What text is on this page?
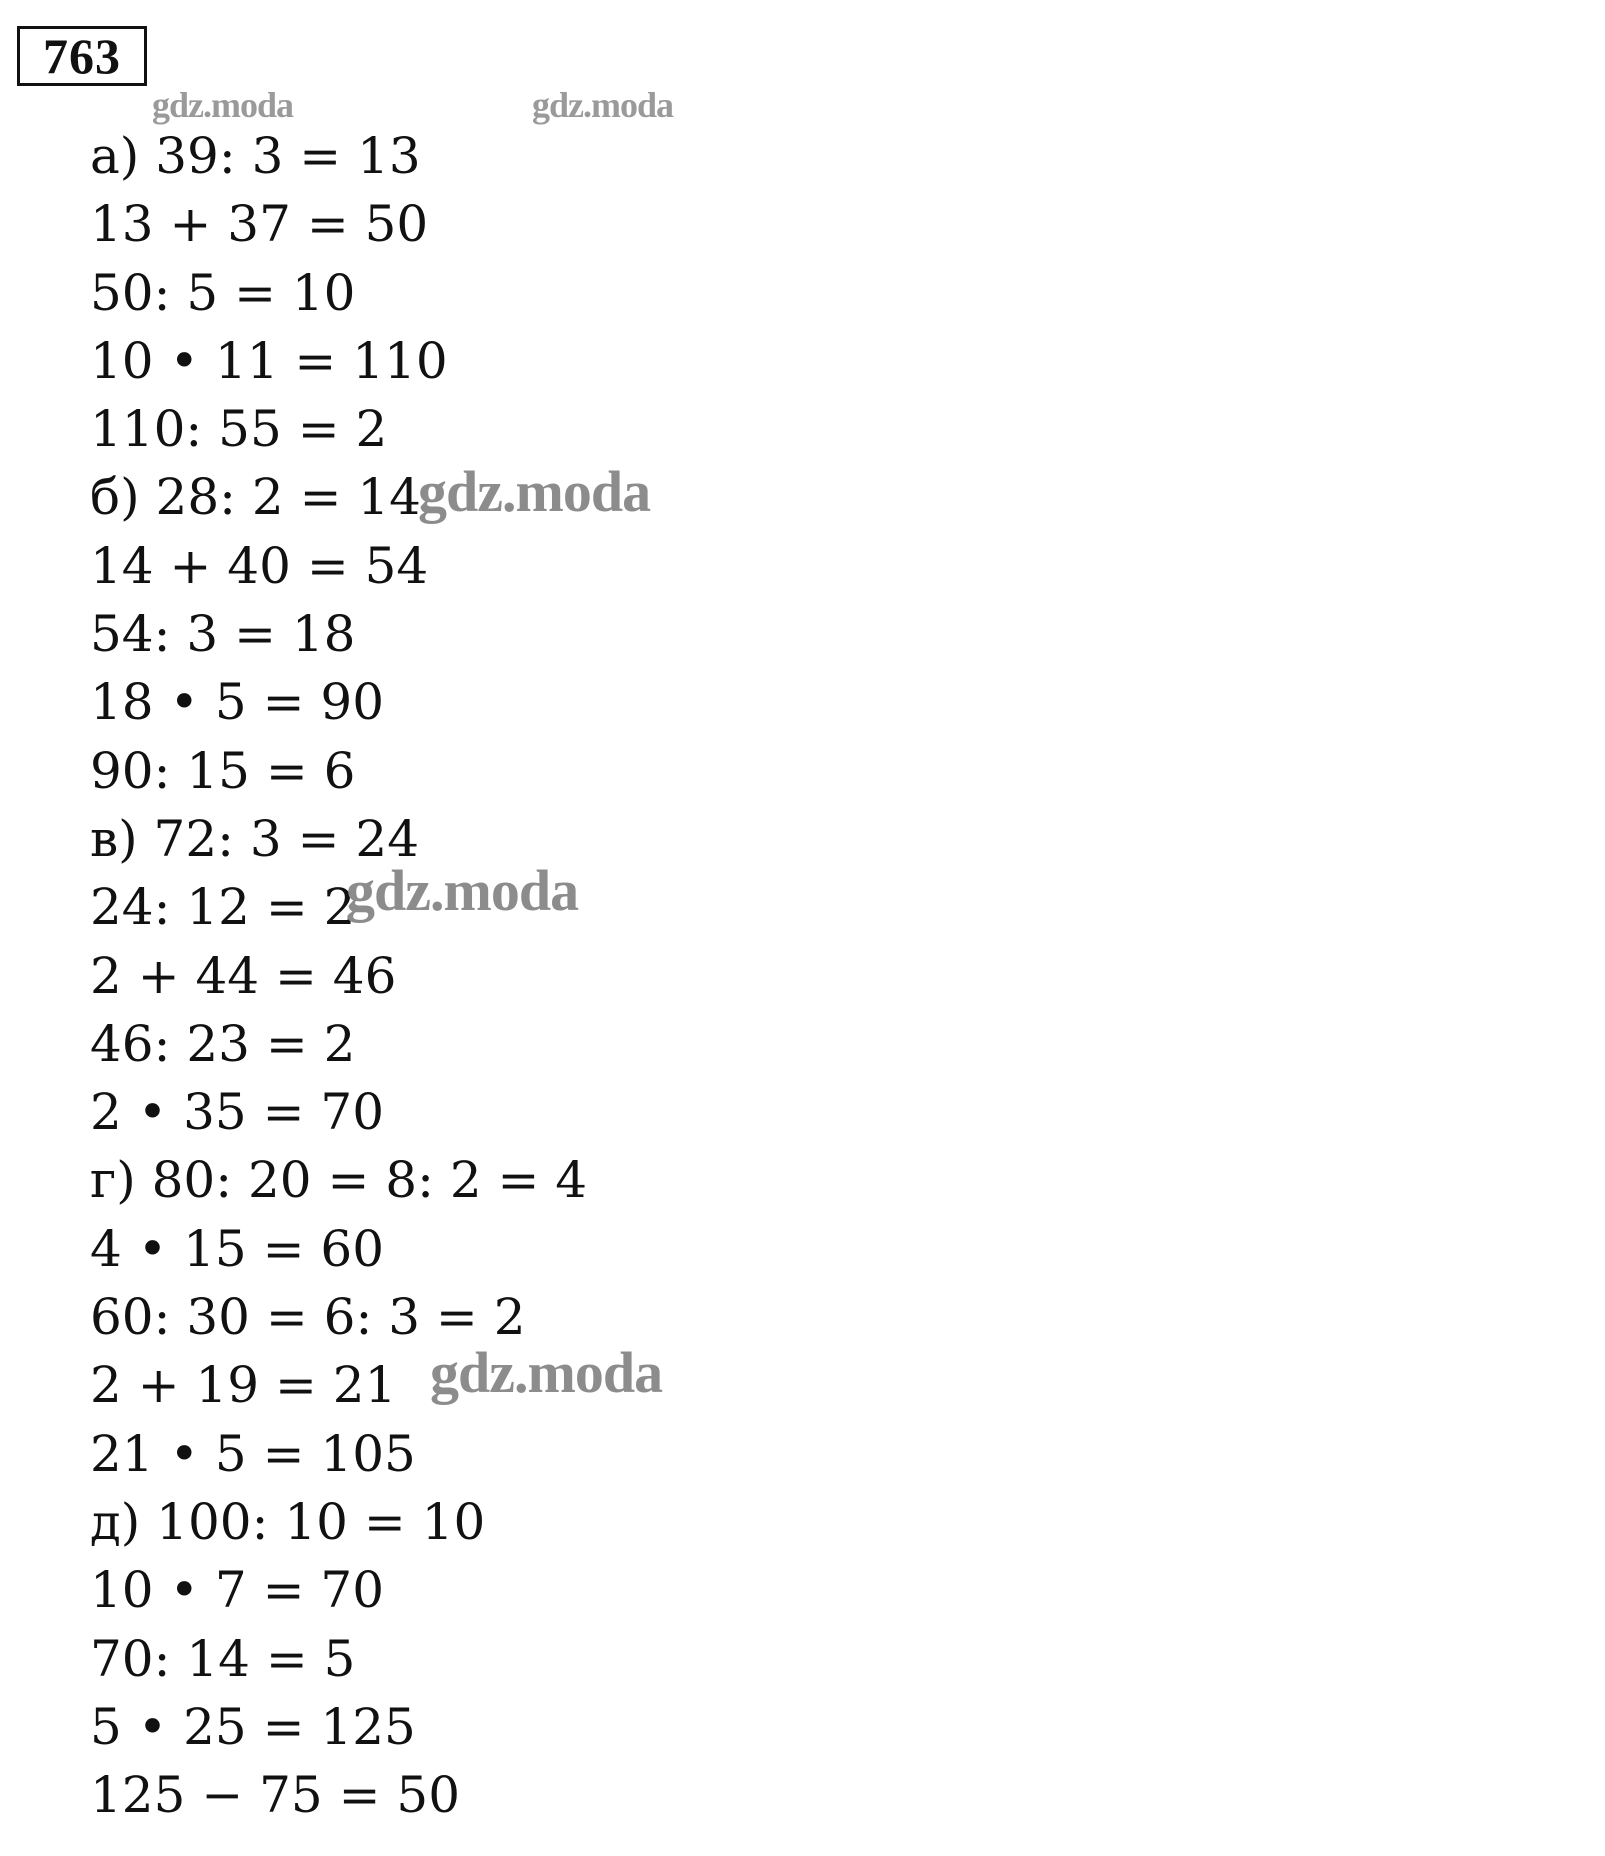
763
gdz.moda	gdz.moda
а) 39: 3 = 13
13 + 37 = 50
50: 5 = 10
10 • 11 = 110
110: 55 = 2
б) 28: 2 = 14
14 + 40 = 54
54: 3 = 18
18 • 5 = 90
90: 15 = 6
в) 72: 3 = 24
24: 12 = 2
2 + 44 = 46
46: 23 = 2
2 • 35 = 70
г) 80: 20 = 8: 2 = 4
4 • 15 = 60
60: 30 = 6: 3 = 2
2 + 19 = 21
21 • 5 = 105
д) 100: 10 = 10
10 • 7 = 70
70: 14 = 5
5 • 25 = 125
125 − 75 = 50
gdz.moda
gdz.moda
gdz.moda
